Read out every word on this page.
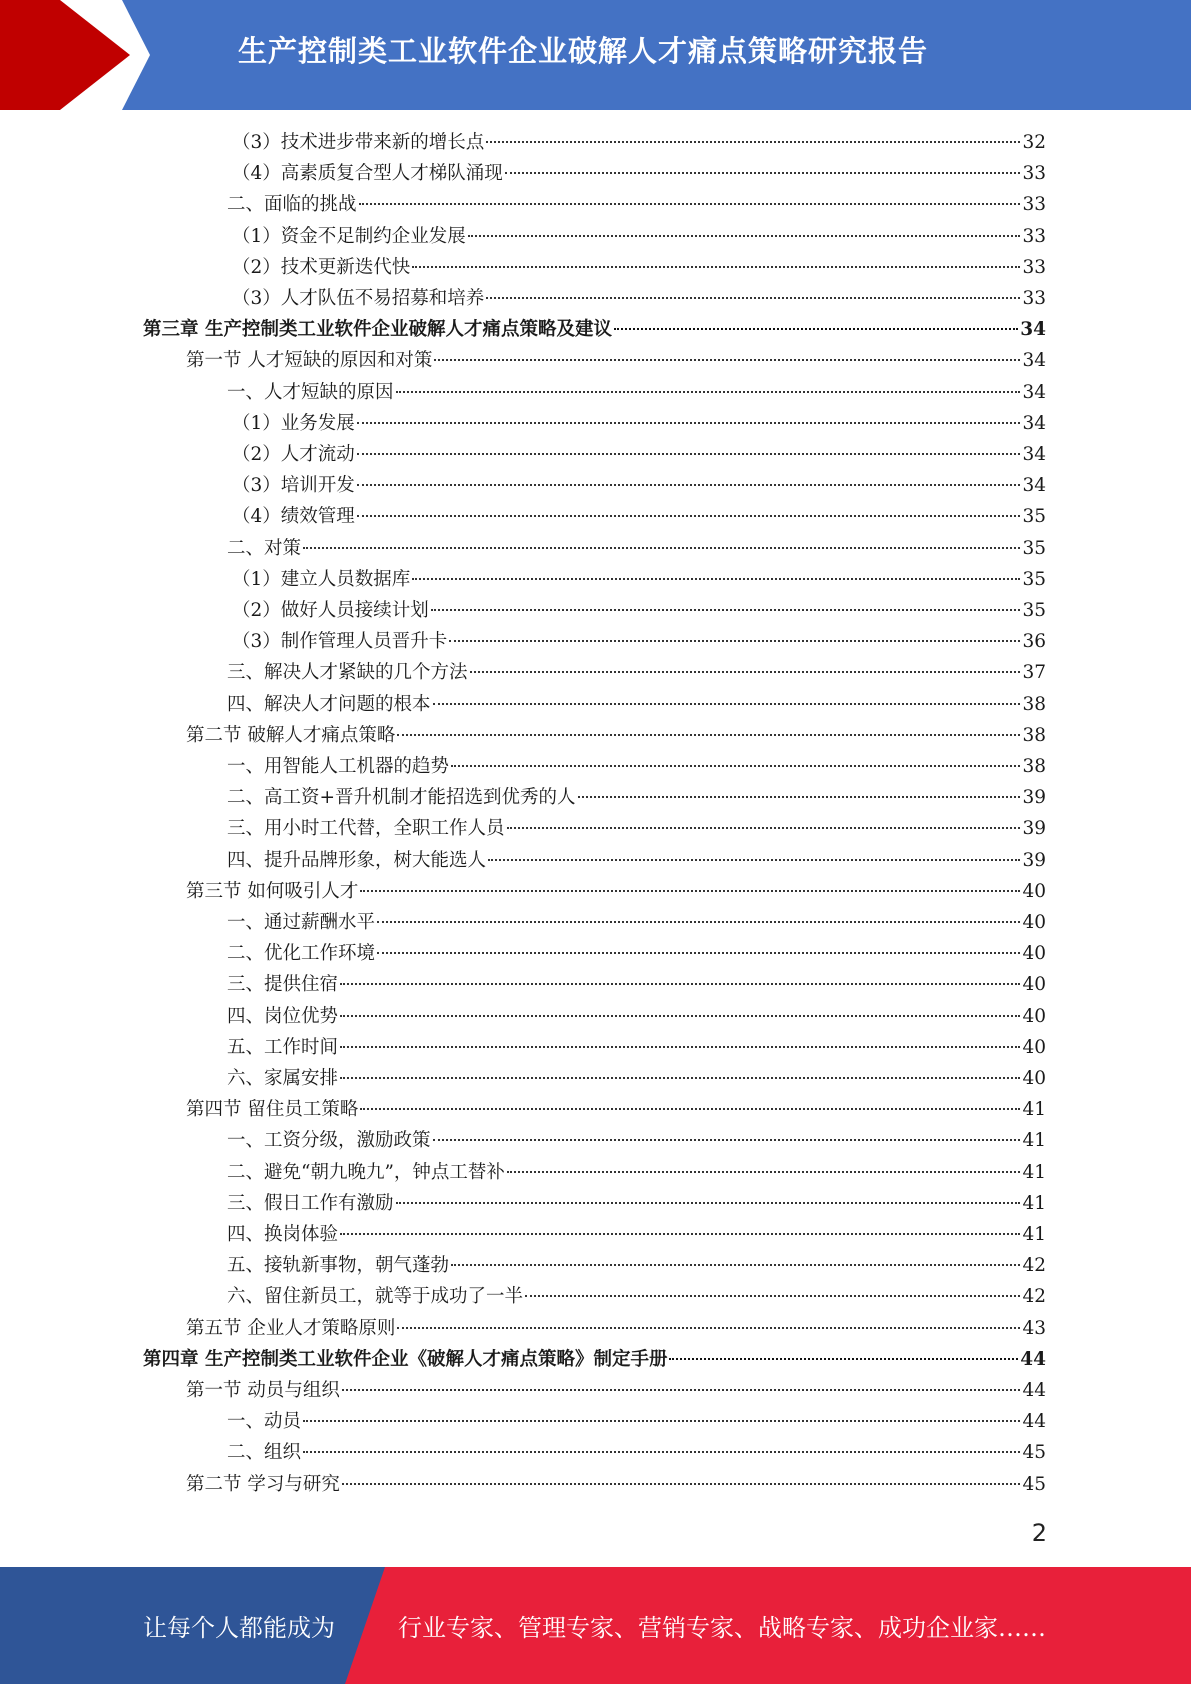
生产控制类工业软件企业破解人才痛点策略研究报告
（3）技术进步带来新的增长点	32
（4）高素质复合型人才梯队涌现	33
二、面临的挑战	33
（1）资金不足制约企业发展	33
（2）技术更新迭代快	33
（3）人才队伍不易招募和培养	33
第三章 生产控制类工业软件企业破解人才痛点策略及建议	34
第一节 人才短缺的原因和对策	34
一、人才短缺的原因	34
（1）业务发展	34
（2）人才流动	34
（3）培训开发	34
（4）绩效管理	35
二、对策	35
（1）建立人员数据库	35
（2）做好人员接续计划	35
（3）制作管理人员晋升卡	36
三、解决人才紧缺的几个方法	37
四、解决人才问题的根本	38
第二节 破解人才痛点策略	38
一、用智能人工机器的趋势	38
二、高工资+晋升机制才能招选到优秀的人	39
三、用小时工代替，全职工作人员	39
四、提升品牌形象，树大能选人	39
第三节 如何吸引人才	40
一、通过薪酬水平	40
二、优化工作环境	40
三、提供住宿	40
四、岗位优势	40
五、工作时间	40
六、家属安排	40
第四节 留住员工策略	41
一、工资分级，激励政策	41
二、避免“朝九晚九”，钟点工替补	41
三、假日工作有激励	41
四、换岗体验	41
五、接轨新事物，朝气蓬勃	42
六、留住新员工，就等于成功了一半	42
第五节 企业人才策略原则	43
第四章 生产控制类工业软件企业《破解人才痛点策略》制定手册	44
第一节 动员与组织	44
一、动员	44
二、组织	45
第二节 学习与研究	45
2
让每个人都能成为	行业专家、管理专家、营销专家、战略专家、成功企业家……
